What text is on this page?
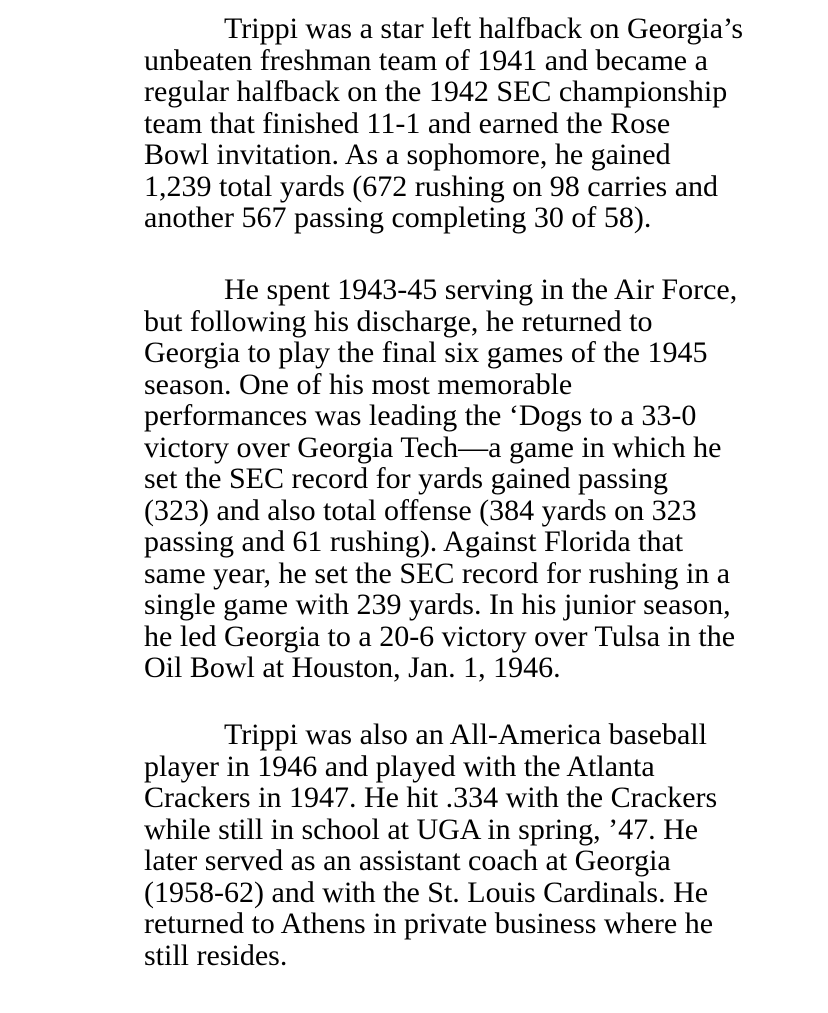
Trippi was a star left halfback on Georgia’s
unbeaten freshman team of 1941 and became a
regular halfback on the 1942 SEC championship
team that finished 11-1 and earned the Rose
Bowl invitation. As a sophomore, he gained
1,239 total yards (672 rushing on 98 carries and
another 567 passing completing 30 of 58).
He spent 1943-45 serving in the Air Force,
but following his discharge, he returned to
Georgia to play the final six games of the 1945
season. One of his most memorable
performances was leading the ‘Dogs to a 33-0
victory over Georgia Tech—a game in which he
set the SEC record for yards gained passing
(323) and also total offense (384 yards on 323
passing and 61 rushing). Against Florida that
same year, he set the SEC record for rushing in a
single game with 239 yards. In his junior season,
he led Georgia to a 20-6 victory over Tulsa in the
Oil Bowl at Houston, Jan. 1, 1946.
Trippi was also an All-America baseball
player in 1946 and played with the Atlanta
Crackers in 1947. He hit .334 with the Crackers
while still in school at UGA in spring, ’47. He
later served as an assistant coach at Georgia
(1958-62) and with the St. Louis Cardinals. He
returned to Athens in private business where he
still resides.
